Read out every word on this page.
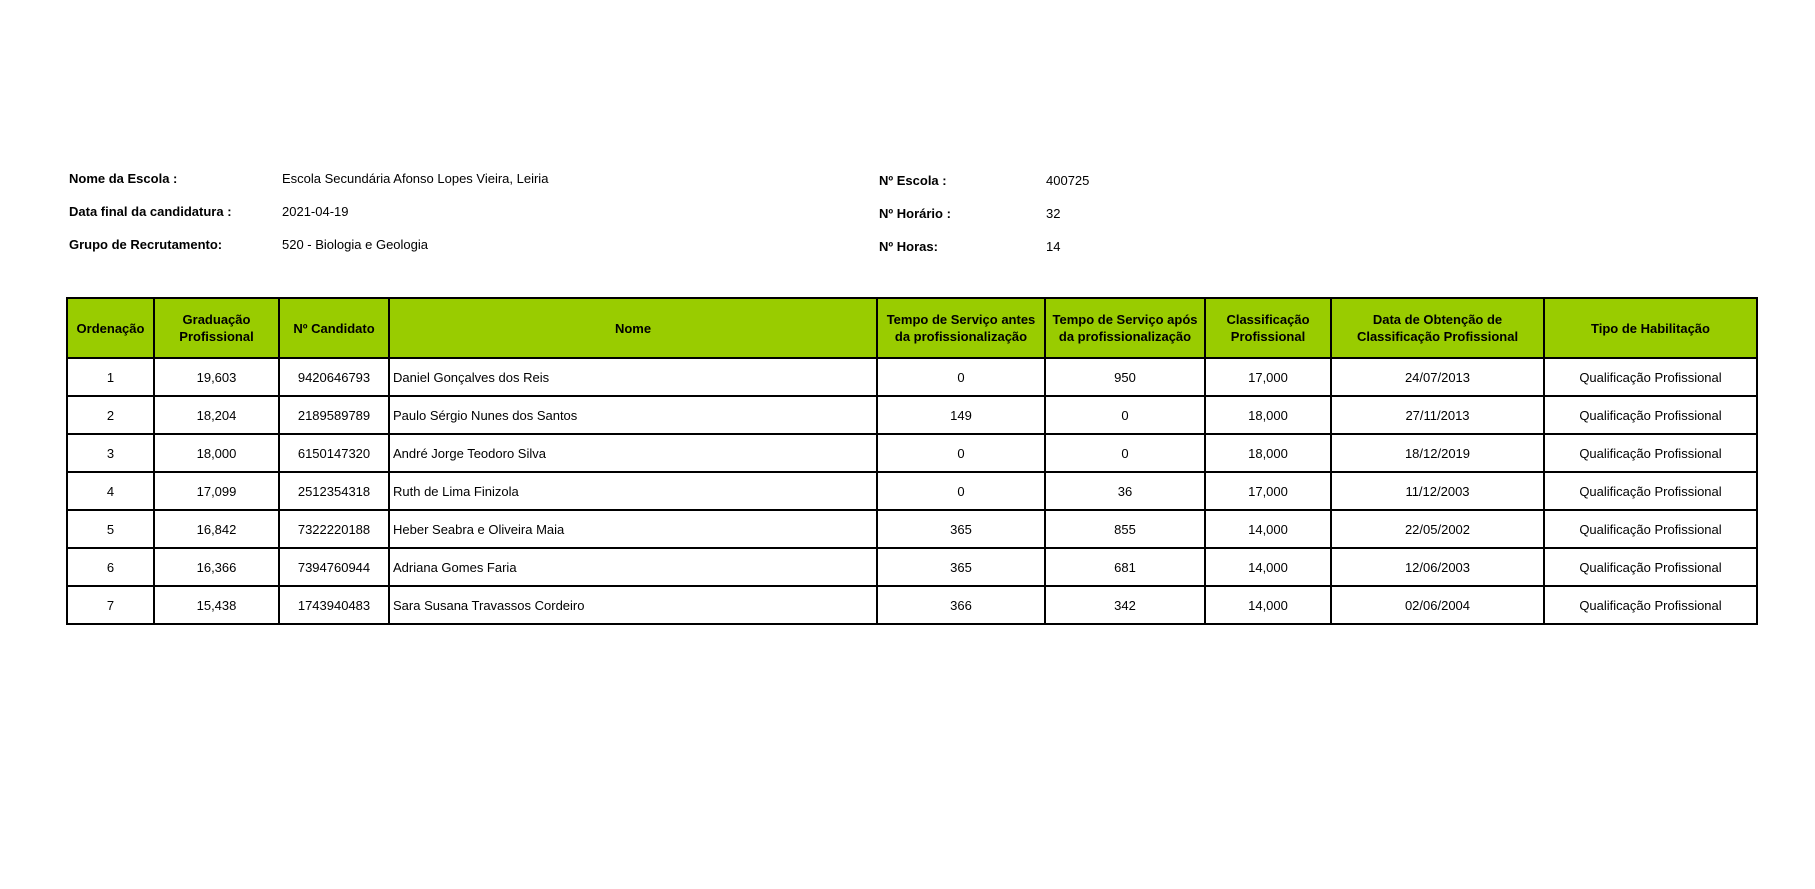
Nome da Escola :	Escola Secundária Afonso Lopes Vieira, Leiria
Data final da candidatura :	2021-04-19
Grupo de Recrutamento:	520 - Biologia e Geologia
Nº Escola :	400725
Nº Horário :	32
Nº Horas:	14
Ordenação	Graduação Profissional	Nº Candidato	Nome	Tempo de Serviço antes da profissionalização	Tempo de Serviço após da profissionalização	Classificação Profissional	Data de Obtenção de Classificação Profissional	Tipo de Habilitação
1	19,603	9420646793	Daniel Gonçalves dos Reis	0	950	17,000	24/07/2013	Qualificação Profissional
2	18,204	2189589789	Paulo Sérgio Nunes dos Santos	149	0	18,000	27/11/2013	Qualificação Profissional
3	18,000	6150147320	André Jorge Teodoro Silva	0	0	18,000	18/12/2019	Qualificação Profissional
4	17,099	2512354318	Ruth de Lima Finizola	0	36	17,000	11/12/2003	Qualificação Profissional
5	16,842	7322220188	Heber Seabra e Oliveira Maia	365	855	14,000	22/05/2002	Qualificação Profissional
6	16,366	7394760944	Adriana Gomes Faria	365	681	14,000	12/06/2003	Qualificação Profissional
7	15,438	1743940483	Sara Susana Travassos Cordeiro	366	342	14,000	02/06/2004	Qualificação Profissional
